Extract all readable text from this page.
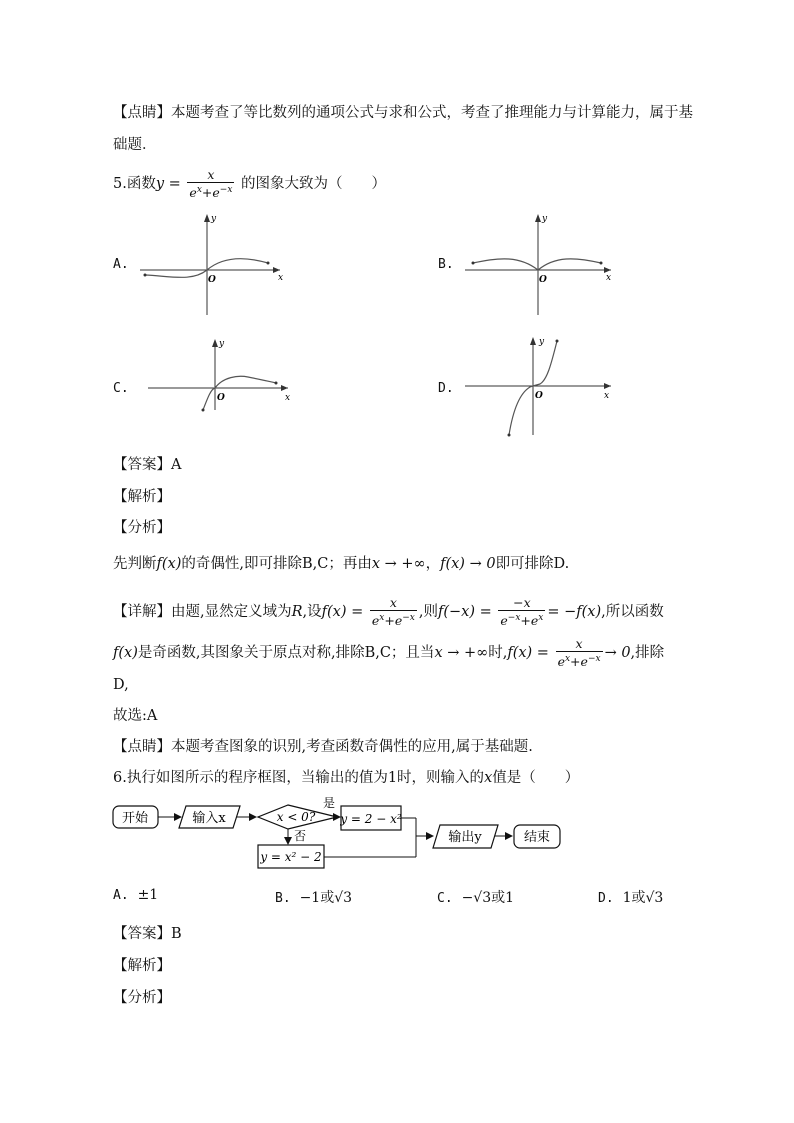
【点睛】本题考查了等比数列的通项公式与求和公式，考查了推理能力与计算能力，属于基
础题．
5.函数$y = \frac{x}{e^x+e^{-x}}$ 的图象大致为（　　）
A.
x
y
O
B.
x
y
O
C.
x
y
O
D.	x
y
O
【答案】A
【解析】
【分析】
先判断f(x)的奇偶性,即可排除B,C；再由x → +∞，f(x) → 0即可排除D.
【详解】由题,显然定义域为R,设$f(x) = \frac{x}{e^x+e^{-x}}$ ,则$f(-x) = \frac{-x}{e^{-x}+e^x} = -f(x)$,所以函数
f(x)是奇函数,其图象关于原点对称,排除B,C；且当x → +∞时$,f(x) = \frac{x}{e^x+e^{-x}} \to 0$,排除
D,
故选:A
【点睛】本题考查图象的识别,考查函数奇偶性的应用,属于基础题.
6.执行如图所示的程序框图，当输出的值为1时，则输入的x值是（　　）
开始	输入x	x < 0?
是
y = 2 − x²
否
y = x² − 2
输出y	结束
A. ±1	B. −1或√3	C. −√3或1	D. 1或√3
【答案】B
【解析】
【分析】
